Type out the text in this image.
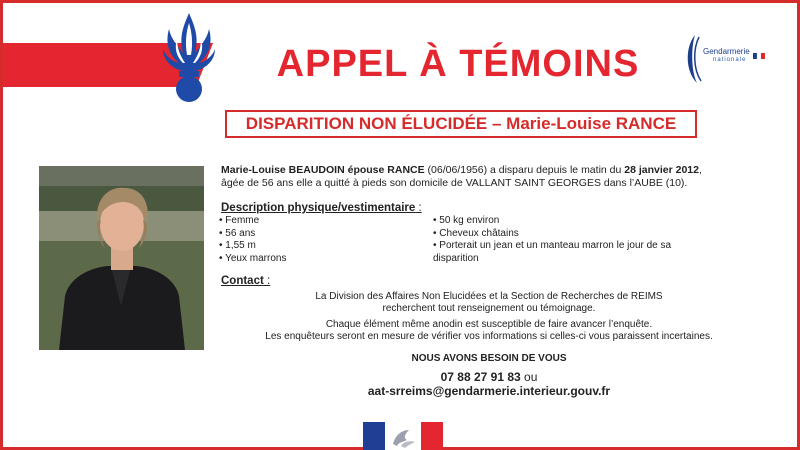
APPEL À TÉMOINS	Gendarmerie
nationale
DISPARITION NON ÉLUCIDÉE – Marie-Louise RANCE
Marie-Louise BEAUDOIN épouse RANCE (06/06/1956) a disparu depuis le matin du 28 janvier 2012,
âgée de 56 ans elle a quitté à pieds son domicile de VALLANT SAINT GEORGES dans l’AUBE (10).
Description physique/vestimentaire :
• Femme
• 56 ans
• 1,55 m
• Yeux marrons
• 50 kg environ
• Cheveux châtains
• Porterait un jean et un manteau marron le jour de sa disparition
Contact :
La Division des Affaires Non Elucidées et la Section de Recherches de REIMS
recherchent tout renseignement ou témoignage.
Chaque élément même anodin est susceptible de faire avancer l’enquête.
Les enquêteurs seront en mesure de vérifier vos informations si celles-ci vous paraissent incertaines.
NOUS AVONS BESOIN DE VOUS
07 88 27 91 83 ou
aat-srreims@gendarmerie.interieur.gouv.fr
